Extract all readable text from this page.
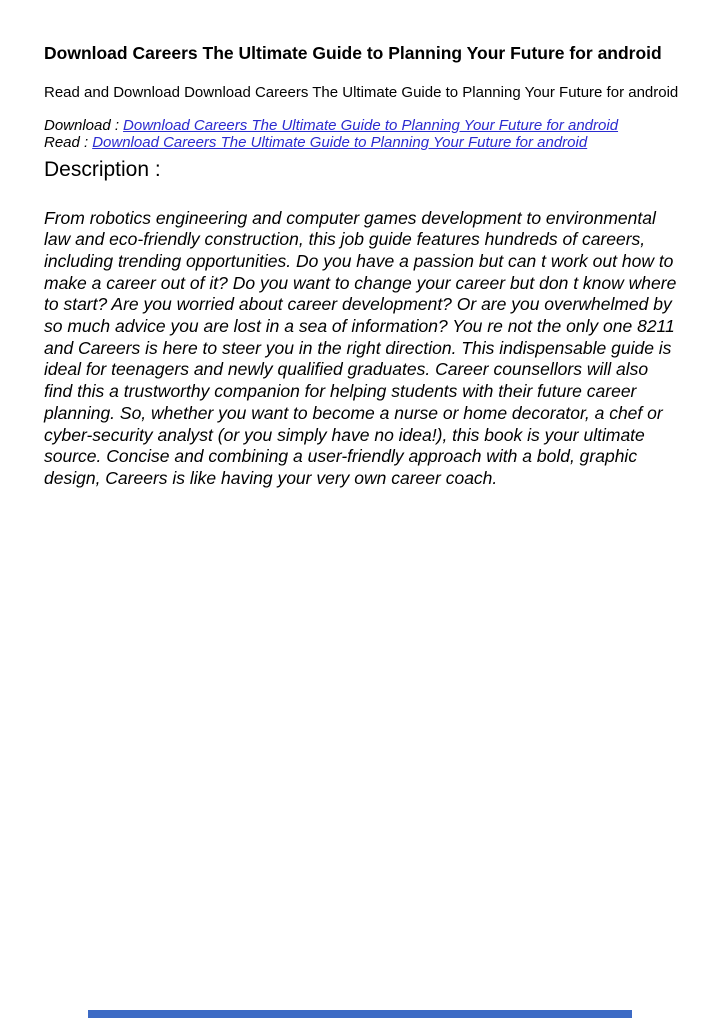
Download Careers The Ultimate Guide to Planning Your Future for android

Read and Download Download Careers The Ultimate Guide to Planning Your Future for android

Download : Download Careers The Ultimate Guide to Planning Your Future for android
Read : Download Careers The Ultimate Guide to Planning Your Future for android
Description :

From robotics engineering and computer games development to environmental law and eco-friendly construction, this job guide features hundreds of careers, including trending opportunities. Do you have a passion but can t work out how to make a career out of it? Do you want to change your career but don t know where to start? Are you worried about career development? Or are you overwhelmed by so much advice you are lost in a sea of information? You re not the only one 8211 and Careers is here to steer you in the right direction. This indispensable guide is ideal for teenagers and newly qualified graduates. Career counsellors will also find this a trustworthy companion for helping students with their future career planning. So, whether you want to become a nurse or home decorator, a chef or cyber-security analyst (or you simply have no idea!), this book is your ultimate source. Concise and combining a user-friendly approach with a bold, graphic design, Careers is like having your very own career coach.
